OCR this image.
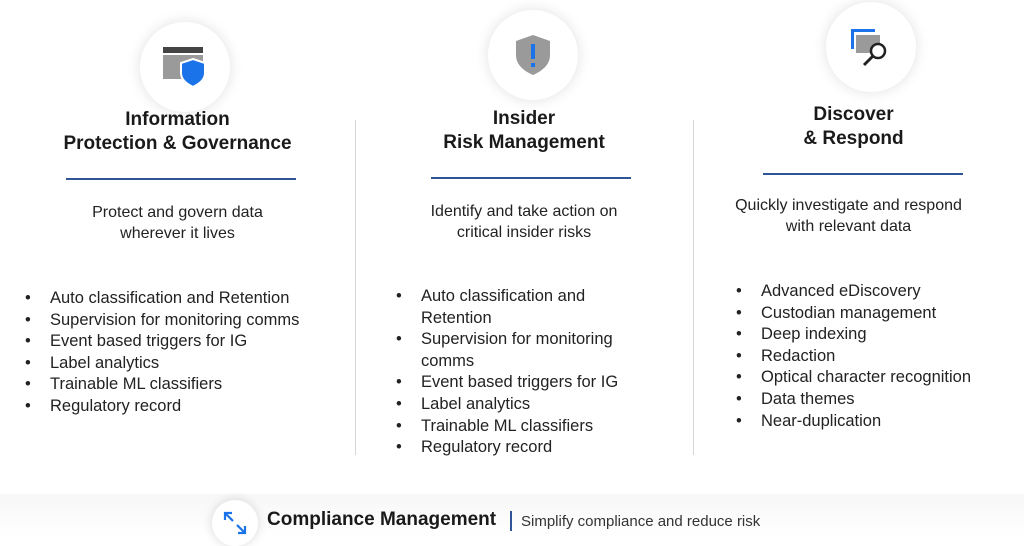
Information
Protection & Governance
Protect and govern data
wherever it lives
• Auto classification and Retention
• Supervision for monitoring comms
• Event based triggers for IG
• Label analytics
• Trainable ML classifiers
• Regulatory record
Insider
Risk Management
Identify and take action on
critical insider risks
• Auto classification and
Retention
• Supervision for monitoring
comms
• Event based triggers for IG
• Label analytics
• Trainable ML classifiers
• Regulatory record
Discover
& Respond
Quickly investigate and respond
with relevant data
• Advanced eDiscovery
• Custodian management
• Deep indexing
• Redaction
• Optical character recognition
• Data themes
• Near-duplication
Compliance Management Simplify compliance and reduce risk
